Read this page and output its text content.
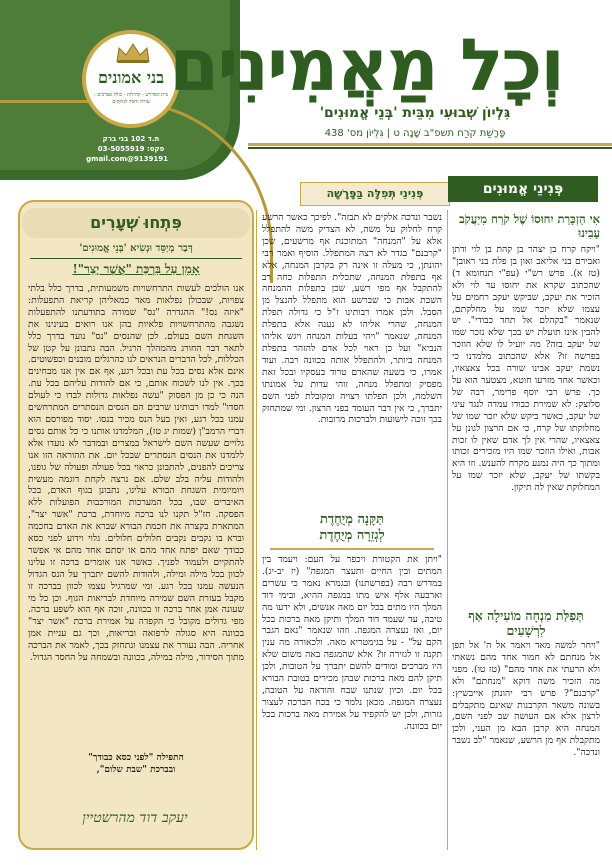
בני אמונים
בית המדרש - קהילות - כולל אברכים - עזרה וחסד לנזקקים
ת.ד 102 בני ברק
פקס: 03-5055919
9139191@gmail.com
וְכָל מַאֲמִינִים
גִּלְיוֹן שְׁבוּעִי מִבֵּית 'בְּנֵי אֱמוּנִים'
פָּרָשַׁת קֹרַח תשפ"ב שָׁנָה ט | גִּלְיוֹן מס' 438
פִּתְחוּ שְׁעָרִים
דְּבַר מְיַסֵּד וּנְשִׂיא 'בְּנֵי אֱמוּנִים'
אָמֵן עַל בִּרְכַּת "אֲשֶׁר יָצַר"!
אנו הולכים לעשות התרחשויות משמעותית, בדרך כלל בלתי צפויות, שבכולן נפלאות מאד כמאליהן קריאת התפעלות: "איזה נס!" ההגדרה "נס" שמורה בתודעתנו להתפעלות נשגבה מהתרחשויות פלאיות בהן אנו רואים בעינינו את השגחת השם בעולם. לכן שהנסים "נס" נועד בדרך כלל לתאר דבר החורג מהמהלך הרגיל. הבה נתבונן על קטן של הכללות, לכל הדברים הנראים לנו כהרגלים מובנים וכפשוטים. אינם אלא נסים בכל עת ובכל רגע, אף אם אין אנו מבחינים בכך. אין לנו לשכוח אותם, כי אם להודות עליהם בכל עת. הנה כי כן מן הפסוק "עשה נפלאות גדולות לבדו כי לעולם חסדו" למדו רבותינו שרבים הם הנסים הנסתרים המתרחשים עמנו בכל רגע, ואין בעל הנס מכיר בנסו. יסוד מפורסם הוא דברי הרמב"ן (שמות יג טז), המלמדנו אותנו כי כל אותם נסים גלויים שעשה השם לישראל במצרים ובמדבר לא נועדו אלא ללמדנו את הנסים הנסתרים שבכל יום. את ההוראה הזו אנו צריכים להפנים, להתבונן כראוי בכל פעולה ופעולה של גופנו, ולהודות עליה בלב שלם. אם נרצה לקחת דוגמה מעשית ויומיומית השגחת הבורא עלינו, נתבונן בגוף האדם, בכל האיברים שבו, בכל המערכות המורכבות הפועלות ללא הפסקה. חז"ל תקנו לנו ברכה מיוחדת, ברכת "אשר יצר", המתארת בקצרה את חכמת הבורא שברא את האדם בחכמה וברא בו נקבים נקבים חלולים חלולים. גלוי וידוע לפני כסא כבודך שאם יפתח אחד מהם או יסתם אחד מהם אי אפשר להתקיים ולעמוד לפניך. כאשר אנו אומרים ברכה זו עלינו לכוון בכל מילה ומילה, ולהודות להשם יתברך על הנס הגדול הנעשה עמנו בכל רגע. ומי שמרגיל עצמו לכוון בברכה זו מקבל בעזרת השם שמירה מיוחדת לבריאות הגוף. וכן כל מי שעונה אמן אחר ברכה זו בכוונה, זוכה אף הוא לשפע ברכה. מפי גדולים מקובל כי הקפדה על אמירת ברכת "אשר יצר" בכוונה היא סגולה לרפואה ובריאות, וכך גם עניית אמן אחריה. הבה נעורר את עצמנו ונתחזק בכך, לאמר את הברכה מתוך הסידור, מילה במילה, בכוונה ובשמחה על החסד הגדול.
התפילה "לפני כסא כבודך"
ובברכת "שבת שלום",
יעקב דוד מהרשטיין
פְּנִינֵי תְּפִלָּה בַּפָּרָשָׁה
נשבר ונדכה אלקים לא תבזה". לפיכך כאשר הרשע קרח לחלוק על משה, לא הצדיק משה להתפלל אלא על "המנחה" המתוכנת אף מרשעים, שכן "קרבנם" בגדר לא רצה המתפלל. הוסיף ואמר רבי יהונתן, כי מעלה זו אינה רק בקרבן המנחה, אלא אף בתפלת המנחה, שתכלית התפלות כחה רב להתקבל אף מפי רשע, שכן בתפלות ההמנחה השבת אבות כי שברשע הוא מתפלל להנצל מן הסבל. ולכן אמרו רבותינו ז"ל כי גדולה תפלת המנחה, שהרי אליהו לא נענה אלא בתפלת המנחה, שנאמר "ויהי בעלות המנחה ויגש אליהו הנביא" ועל כן ראוי לכל אדם להזהר בתפלת המנחה ביותר, ולהתפלל אותה בכוונה רבה. ועוד אמרו, כי בשעה שהאדם טרוד בעסקיו ובכל זאת מפסיק ומתפלל מנחה, זוהי עדות על אמונתו השלמה, ולכן תפלתו רצויה ומקובלת לפני השם יתברך, כי אין דבר העומד בפני הרצון. ומי שמתחזק בכך זוכה לישועות ולברכות מרובות.
תַּקָּנָה מְיֻחֶדֶת
לְגְזֵרָה מְיֻחֶדֶת
"ויתן את הקטורת ויכפר על העם: ויעמד בין המתים ובין החיים ותעצר המגפה" (יז יב-יג). במדרש רבה (בפרשתנו) ובגמרא נאמר כי עשרים וארבעה אלף איש מתו במגפה ההיא, ובימי דוד המלך היו מתים בכל יום מאה אנשים, ולא ידעו מה טיבה, עד שעמד דוד המלך ותיקן מאה ברכות בכל יום, ואז נעצרה המגפה. וזהו שנאמר "נאם הגבר הקם על" - על בגימטריא מאה. ולכאורה מה ענין תקנה זו לגזירה זו? אלא שהמגפה באה משום שלא היו מברכים ומודים להשם יתברך על הטובות, ולכן תיקן להם מאה ברכות שבהן מכירים בטובת הבורא בכל יום. וכיון שנתנו שבח והודאה על הטובה, נעצרה המגפה. מכאן נלמד כי בכח הברכה לעצור גזרות, ולכן יש להקפיד על אמירת מאה ברכות בכל יום בכוונה.
פְּנִינֵי אֱמוּנִים
אִי הַזְכָּרַת יִחוּסוֹ שֶׁל קֹרַח מִיַעֲקֹב עָבִינוּ
"ויקח קרח בן יצהר בן קהת בן לוי ודתן ואבירם בני אליאב ואון בן פלת בני ראובן" (טז א). פרש רש"י (עפ"י תנחומא ד) שהכתוב שקרא את יחוסו עד לוי ולא הזכיר את יעקב, שביקש יעקב רחמים על עצמו שלא יזכר שמו על מחלקתם, שנאמר "בקהלם אל תחד כבודי". יש להבין אינו תועלת יש בכך שלא נזכר שמו של יעקב בזה? מה יועיל לו שלא הוזכר בפרשה זו? אלא שהכתוב מלמדנו כי נשמת יעקב אבינו שורה בכל צאצאיו, וכאשר אחד מזרעו חוטא, מצטער הוא על כך. פרש רבי יוסף פרימר, רבה של סלוצק: לא שמירת כבודו עמדה לנגד עיני של יעקב, כאשר ביקש שלא יזכר שמו של מחלוקתו של קרח, כי אם הרצון לגונן על צאצאיו, שהרי אין לך אדם שאין לו זכות אבות, ואילו הוזכר שמו היו מזכירים זכותו ומתוך כך היה נמנע מקרח להענש. וזו היא בקשתו של יעקב, שלא יזכר שמו על המחלוקת שאין לה תיקון.
תְּפִלַּת מִנְחָה מוֹעִילָה אַף לִרְשָׁעִים
"ויחר למשה מאד ויאמר אל ה' אל תפן אל מנחתם לא חמור אחד מהם נשאתי ולא הרעתי את אחד מהם" (טז טו). מפני מה הזכיר משה דוקא "מנחתם" ולא "קרבנם"? פרש רבי יהונתן אייבשיץ: בשונה משאר הקרבנות שאינם מתקבלים לרצון אלא אם העושה שב לפני השם, המנחה היא קרבן הבא מן העני, ולכן מתקבלת אף מן הרשע, שנאמר "לב נשבר ונדכה".
